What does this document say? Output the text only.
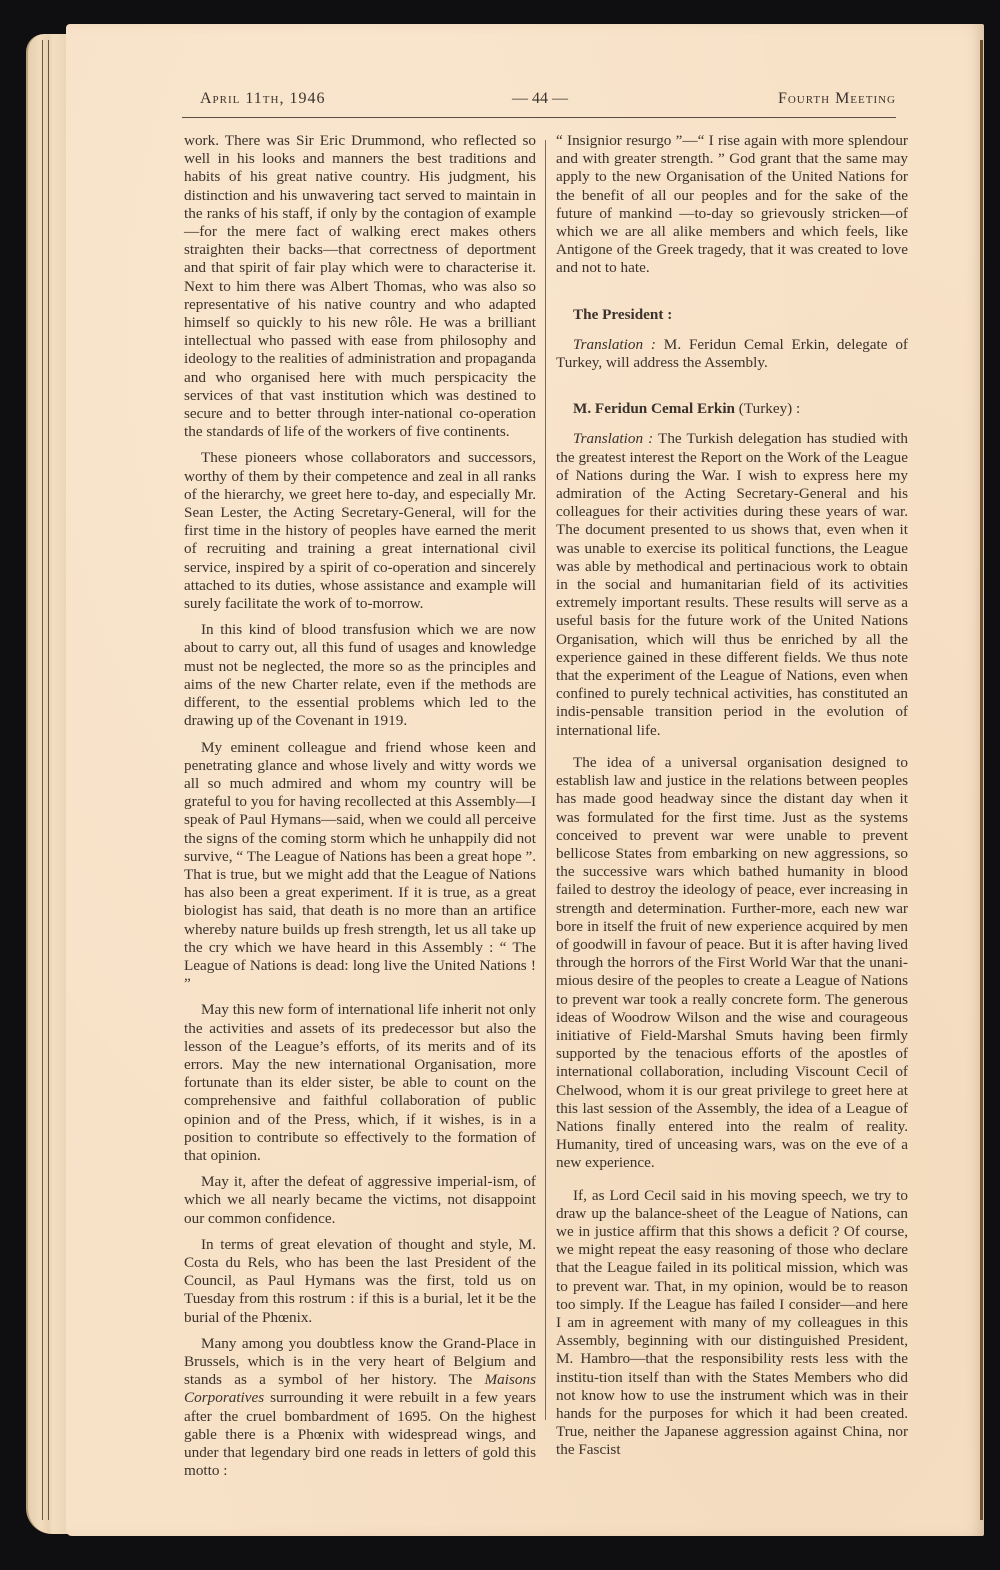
April 11th, 1946	— 44 —	Fourth Meeting

work. There was Sir Eric Drummond, who reflected so well in his looks and manners the best traditions and habits of his great native country. His judgment, his distinction and his unwavering tact served to maintain in the ranks of his staff, if only by the contagion of example—for the mere fact of walking erect makes others straighten their backs—that correctness of deportment and that spirit of fair play which were to characterise it. Next to him there was Albert Thomas, who was also so representative of his native country and who adapted himself so quickly to his new rôle. He was a brilliant intellectual who passed with ease from philosophy and ideology to the realities of administration and propaganda and who organised here with much perspicacity the services of that vast institution which was destined to secure and to better through inter-national co-operation the standards of life of the workers of five continents.

These pioneers whose collaborators and successors, worthy of them by their competence and zeal in all ranks of the hierarchy, we greet here to-day, and especially Mr. Sean Lester, the Acting Secretary-General, will for the first time in the history of peoples have earned the merit of recruiting and training a great international civil service, inspired by a spirit of co-operation and sincerely attached to its duties, whose assistance and example will surely facilitate the work of to-morrow.

In this kind of blood transfusion which we are now about to carry out, all this fund of usages and knowledge must not be neglected, the more so as the principles and aims of the new Charter relate, even if the methods are different, to the essential problems which led to the drawing up of the Covenant in 1919.

My eminent colleague and friend whose keen and penetrating glance and whose lively and witty words we all so much admired and whom my country will be grateful to you for having recollected at this Assembly—I speak of Paul Hymans—said, when we could all perceive the signs of the coming storm which he unhappily did not survive, “ The League of Nations has been a great hope ”. That is true, but we might add that the League of Nations has also been a great experiment. If it is true, as a great biologist has said, that death is no more than an artifice whereby nature builds up fresh strength, let us all take up the cry which we have heard in this Assembly : “ The League of Nations is dead: long live the United Nations ! ”

May this new form of international life inherit not only the activities and assets of its predecessor but also the lesson of the League’s efforts, of its merits and of its errors. May the new international Organisation, more fortunate than its elder sister, be able to count on the comprehensive and faithful collaboration of public opinion and of the Press, which, if it wishes, is in a position to contribute so effectively to the formation of that opinion.

May it, after the defeat of aggressive imperial-ism, of which we all nearly became the victims, not disappoint our common confidence.

In terms of great elevation of thought and style, M. Costa du Rels, who has been the last President of the Council, as Paul Hymans was the first, told us on Tuesday from this rostrum : if this is a burial, let it be the burial of the Phœnix.

Many among you doubtless know the Grand-Place in Brussels, which is in the very heart of Belgium and stands as a symbol of her history. The Maisons Corporatives surrounding it were rebuilt in a few years after the cruel bombardment of 1695. On the highest gable there is a Phœnix with widespread wings, and under that legendary bird one reads in letters of gold this motto :

“ Insignior resurgo ”—“ I rise again with more splendour and with greater strength. ” God grant that the same may apply to the new Organisation of the United Nations for the benefit of all our peoples and for the sake of the future of mankind —to-day so grievously stricken—of which we are all alike members and which feels, like Antigone of the Greek tragedy, that it was created to love and not to hate.

The President :

Translation : M. Feridun Cemal Erkin, delegate of Turkey, will address the Assembly.

M. Feridun Cemal Erkin (Turkey) :

Translation : The Turkish delegation has studied with the greatest interest the Report on the Work of the League of Nations during the War. I wish to express here my admiration of the Acting Secretary-General and his colleagues for their activities during these years of war. The document presented to us shows that, even when it was unable to exercise its political functions, the League was able by methodical and pertinacious work to obtain in the social and humanitarian field of its activities extremely important results. These results will serve as a useful basis for the future work of the United Nations Organisation, which will thus be enriched by all the experience gained in these different fields. We thus note that the experiment of the League of Nations, even when confined to purely technical activities, has constituted an indis-pensable transition period in the evolution of international life.

The idea of a universal organisation designed to establish law and justice in the relations between peoples has made good headway since the distant day when it was formulated for the first time. Just as the systems conceived to prevent war were unable to prevent bellicose States from embarking on new aggressions, so the successive wars which bathed humanity in blood failed to destroy the ideology of peace, ever increasing in strength and determination. Further-more, each new war bore in itself the fruit of new experience acquired by men of goodwill in favour of peace. But it is after having lived through the horrors of the First World War that the unani-mious desire of the peoples to create a League of Nations to prevent war took a really concrete form. The generous ideas of Woodrow Wilson and the wise and courageous initiative of Field-Marshal Smuts having been firmly supported by the tenacious efforts of the apostles of international collaboration, including Viscount Cecil of Chelwood, whom it is our great privilege to greet here at this last session of the Assembly, the idea of a League of Nations finally entered into the realm of reality. Humanity, tired of unceasing wars, was on the eve of a new experience.

If, as Lord Cecil said in his moving speech, we try to draw up the balance-sheet of the League of Nations, can we in justice affirm that this shows a deficit ? Of course, we might repeat the easy reasoning of those who declare that the League failed in its political mission, which was to prevent war. That, in my opinion, would be to reason too simply. If the League has failed I consider—and here I am in agreement with many of my colleagues in this Assembly, beginning with our distinguished President, M. Hambro—that the responsibility rests less with the institu-tion itself than with the States Members who did not know how to use the instrument which was in their hands for the purposes for which it had been created. True, neither the Japanese aggression against China, nor the Fascist
